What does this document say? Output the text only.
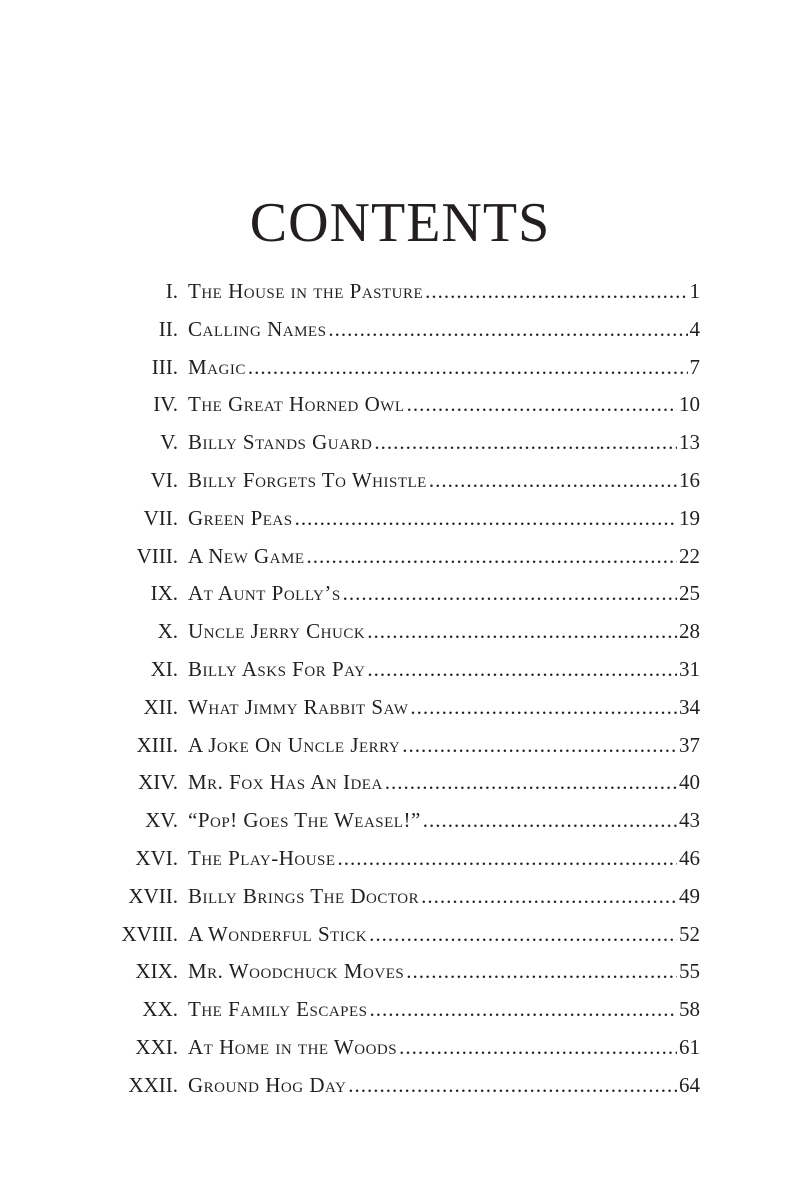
CONTENTS
I. The House in the Pasture .....	1
II. Calling Names .....	4
III. Magic .....	7
IV. The Great Horned Owl .....	10
V. Billy Stands Guard .....	13
VI. Billy Forgets To Whistle .....	16
VII. Green Peas .....	19
VIII. A New Game .....	22
IX. At Aunt Polly’s .....	25
X. Uncle Jerry Chuck .....	28
XI. Billy Asks For Pay .....	31
XII. What Jimmy Rabbit Saw .....	34
XIII. A Joke On Uncle Jerry .....	37
XIV. Mr. Fox Has An Idea .....	40
XV. “Pop! Goes The Weasel!” .....	43
XVI. The Play-House .....	46
XVII. Billy Brings The Doctor .....	49
XVIII. A Wonderful Stick .....	52
XIX. Mr. Woodchuck Moves .....	55
XX. The Family Escapes .....	58
XXI. At Home in the Woods .....	61
XXII. Ground Hog Day .....	64
